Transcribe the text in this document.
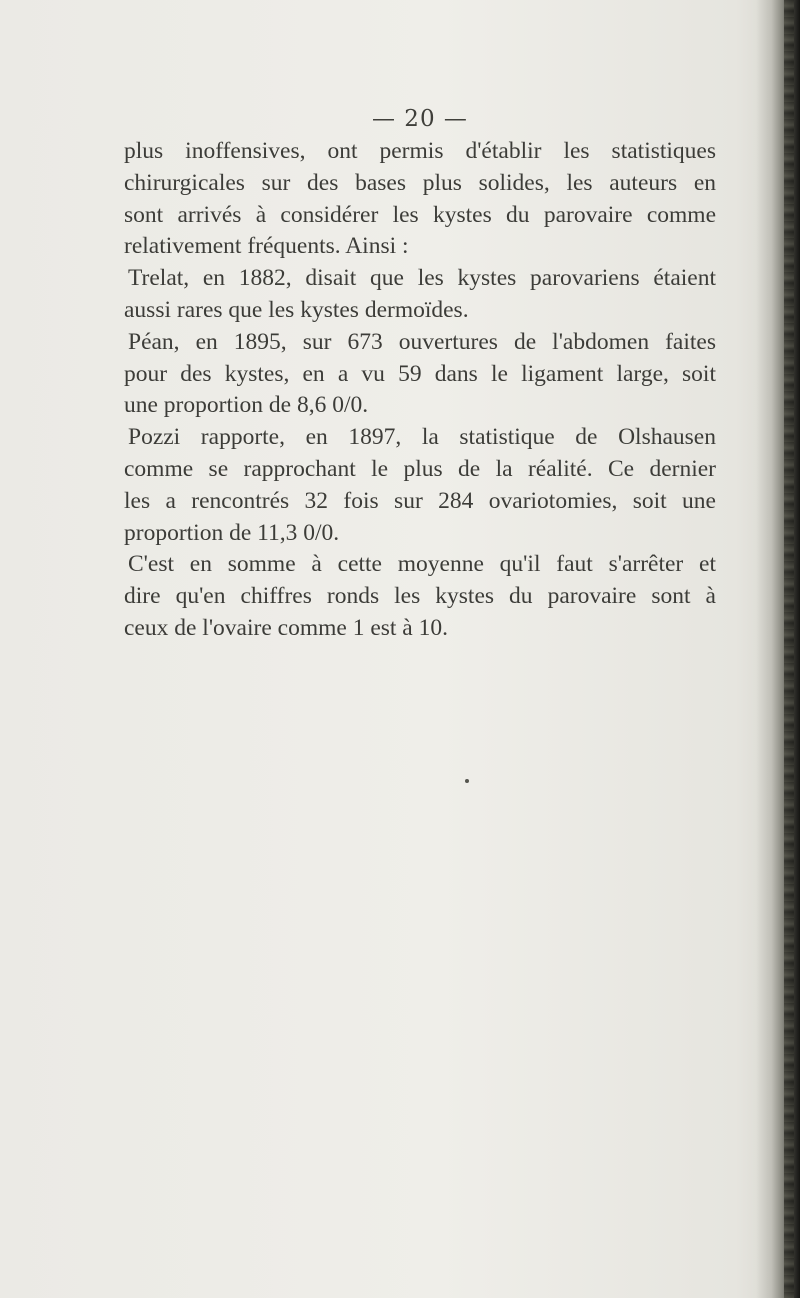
— 20 —
plus inoffensives, ont permis d'établir les statistiques
chirurgicales sur des bases plus solides, les auteurs en
sont arrivés à considérer les kystes du parovaire comme
relativement fréquents. Ainsi :
Trelat, en 1882, disait que les kystes parovariens étaient
aussi rares que les kystes dermoïdes.
Péan, en 1895, sur 673 ouvertures de l'abdomen faites
pour des kystes, en a vu 59 dans le ligament large, soit
une proportion de 8,6 0/0.
Pozzi rapporte, en 1897, la statistique de Olshausen
comme se rapprochant le plus de la réalité. Ce dernier
les a rencontrés 32 fois sur 284 ovariotomies, soit une
proportion de 11,3 0/0.
C'est en somme à cette moyenne qu'il faut s'arrêter et
dire qu'en chiffres ronds les kystes du parovaire sont à
ceux de l'ovaire comme 1 est à 10.
